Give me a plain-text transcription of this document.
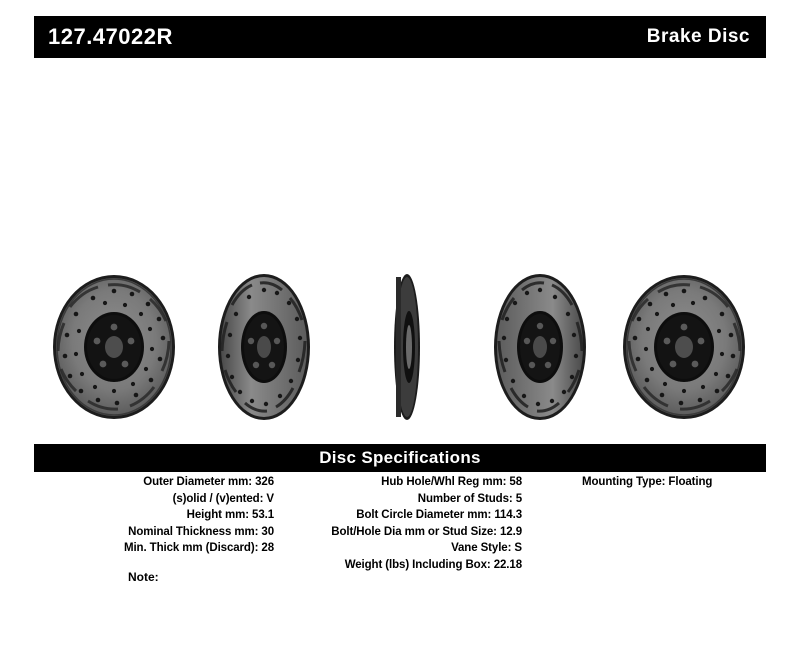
127.47022R	Brake Disc
Disc Specifications
Outer Diameter mm: 326
(s)olid / (v)ented: V
Height mm: 53.1
Nominal Thickness mm: 30
Min. Thick mm (Discard): 28
Hub Hole/Whl Reg mm: 58
Number of Studs: 5
Bolt Circle Diameter mm: 114.3
Bolt/Hole Dia mm or Stud Size: 12.9
Vane Style: S
Weight (lbs) Including Box: 22.18
Mounting Type: Floating
Note:
